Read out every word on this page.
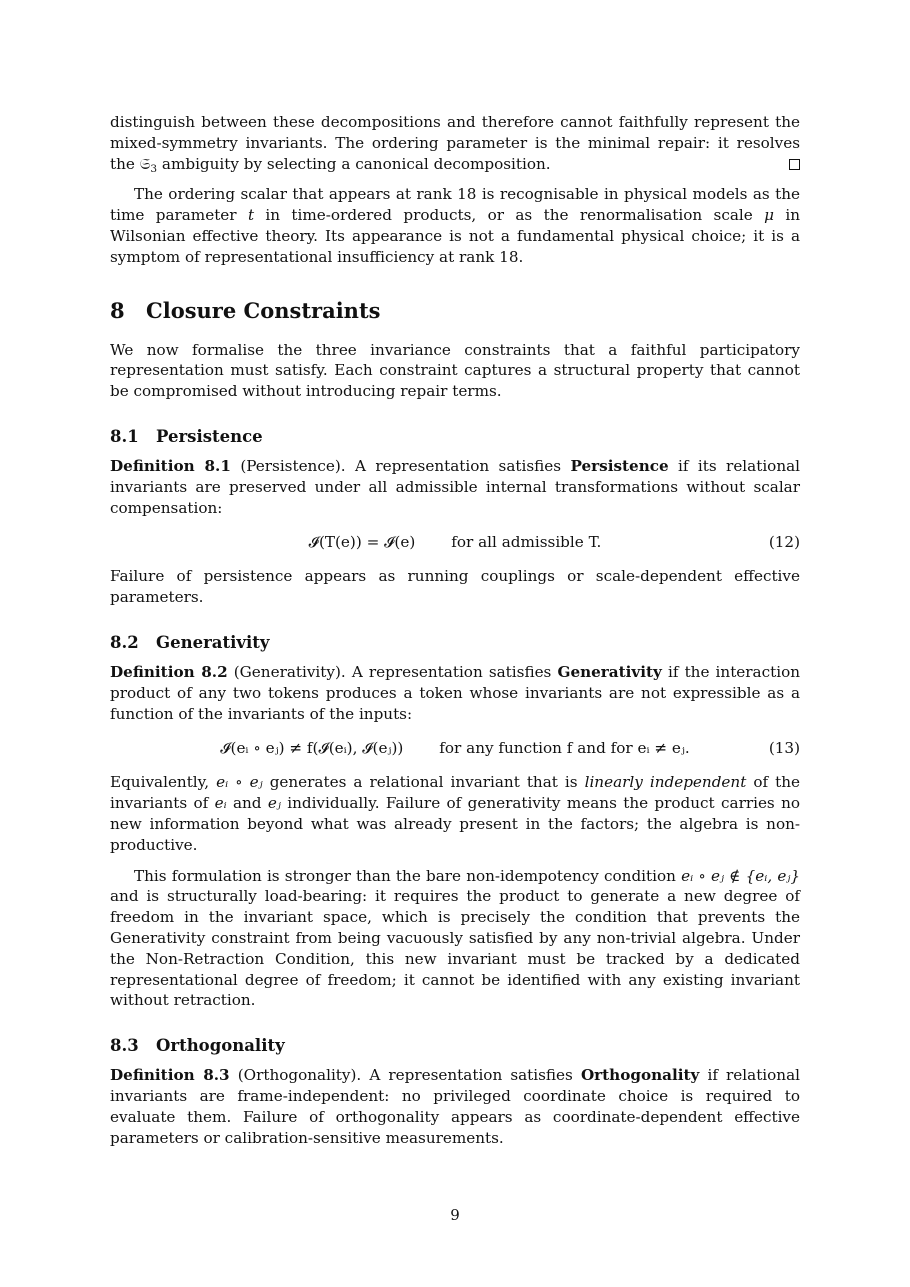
distinguish between these decompositions and therefore cannot faithfully represent the mixed-symmetry invariants. The ordering parameter is the minimal repair: it resolves the 𝔖$_3$ ambiguity by selecting a canonical decomposition.

The ordering scalar that appears at rank 18 is recognisable in physical models as the time parameter t in time-ordered products, or as the renormalisation scale μ in Wilsonian effective theory. Its appearance is not a fundamental physical choice; it is a symptom of representational insufficiency at rank 18.

8 Closure Constraints

We now formalise the three invariance constraints that a faithful participatory representation must satisfy. Each constraint captures a structural property that cannot be compromised without introducing repair terms.

8.1 Persistence

Definition 8.1 (Persistence). A representation satisfies Persistence if its relational invariants are preserved under all admissible internal transformations without scalar compensation:

𝓘(T(e)) = 𝓘(e) for all admissible T.	(12)

Failure of persistence appears as running couplings or scale-dependent effective parameters.

8.2 Generativity

Definition 8.2 (Generativity). A representation satisfies Generativity if the interaction product of any two tokens produces a token whose invariants are not expressible as a function of the invariants of the inputs:

𝓘(eᵢ ∘ eⱼ) ≠ f(𝓘(eᵢ), 𝓘(eⱼ)) for any function f and for eᵢ ≠ eⱼ.	(13)

Equivalently, eᵢ ∘ eⱼ generates a relational invariant that is linearly independent of the invariants of eᵢ and eⱼ individually. Failure of generativity means the product carries no new information beyond what was already present in the factors; the algebra is non-productive.

This formulation is stronger than the bare non-idempotency condition eᵢ ∘ eⱼ ∉ {eᵢ, eⱼ} and is structurally load-bearing: it requires the product to generate a new degree of freedom in the invariant space, which is precisely the condition that prevents the Generativity constraint from being vacuously satisfied by any non-trivial algebra. Under the Non-Retraction Condition, this new invariant must be tracked by a dedicated representational degree of freedom; it cannot be identified with any existing invariant without retraction.

8.3 Orthogonality

Definition 8.3 (Orthogonality). A representation satisfies Orthogonality if relational invariants are frame-independent: no privileged coordinate choice is required to evaluate them. Failure of orthogonality appears as coordinate-dependent effective parameters or calibration-sensitive measurements.

9
